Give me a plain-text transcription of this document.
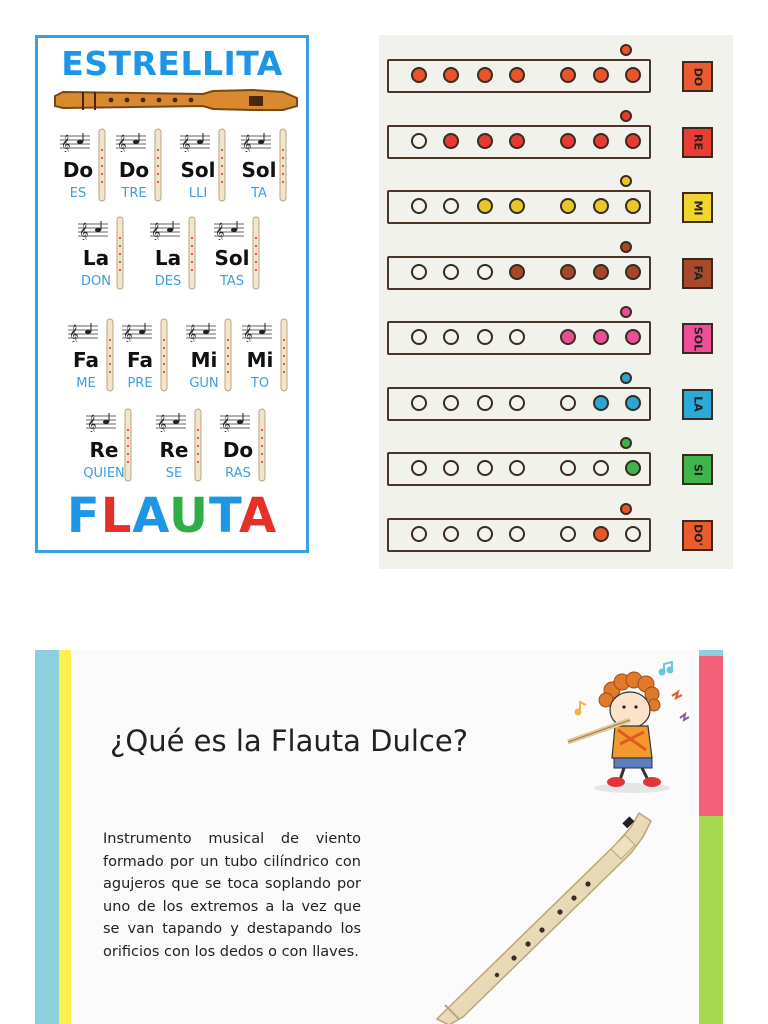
ESTRELLITA
FLAUTA
𝄞
Do
ES
𝄞
Do
TRE
𝄞
Sol
LLI
𝄞
Sol
TA
𝄞
La
DON
𝄞
La
DES
𝄞
Sol
TAS
𝄞
Fa
ME
𝄞
Fa
PRE
𝄞
Mi
GUN
𝄞
Mi
TO
𝄞
Re
QUIEN
𝄞
Re
SE
𝄞
Do
RAS
DO
RE
MI
FA
SOL
LA
SI
DO'
¿Qué es la Flauta Dulce?
Instrumento musical de viento formado por un tubo cilíndrico con agujeros que se toca soplando por uno de los extremos a la vez que se van tapando y destapando los orificios con los dedos o con llaves.
